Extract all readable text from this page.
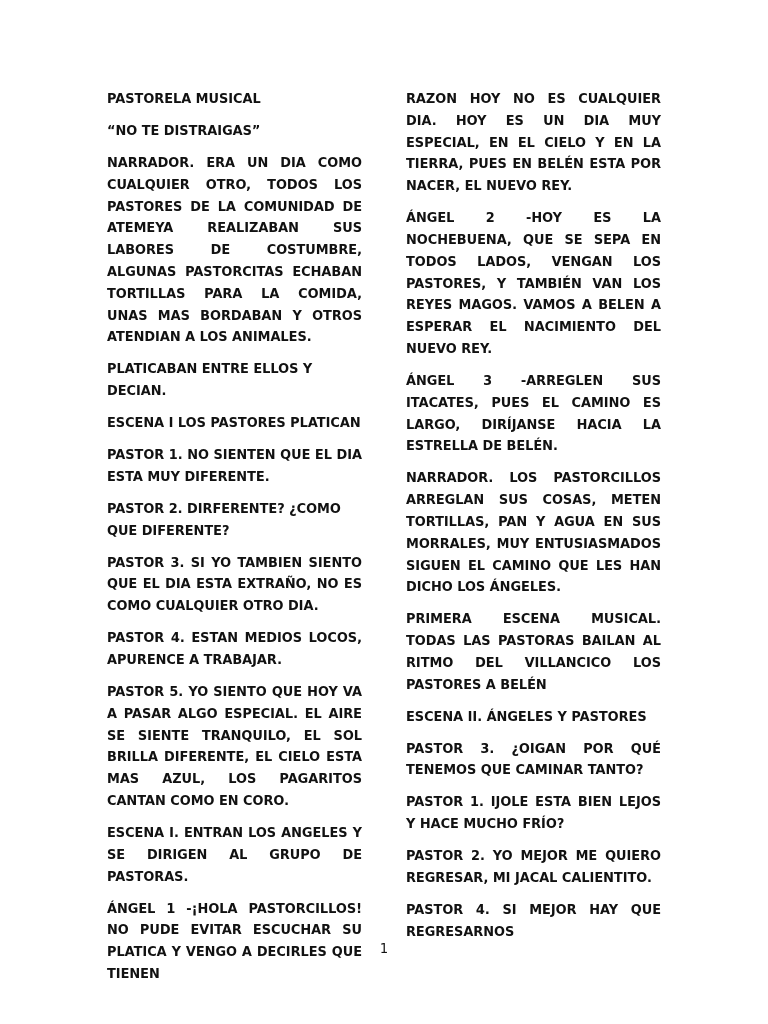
PASTORELA MUSICAL

“NO TE DISTRAIGAS”

NARRADOR. ERA UN DIA COMO CUALQUIER OTRO, TODOS LOS PASTORES DE LA COMUNIDAD DE ATEMEYA REALIZABAN SUS LABORES DE COSTUMBRE, ALGUNAS PASTORCITAS ECHABAN TORTILLAS PARA LA COMIDA, UNAS MAS BORDABAN Y OTROS ATENDIAN A LOS ANIMALES.

PLATICABAN ENTRE ELLOS Y DECIAN.

ESCENA I LOS PASTORES PLATICAN

PASTOR 1. NO SIENTEN QUE EL DIA ESTA MUY DIFERENTE.

PASTOR 2. DIRFERENTE? ¿COMO QUE DIFERENTE?

PASTOR 3. SI YO TAMBIEN SIENTO QUE EL DIA ESTA EXTRAÑO, NO ES COMO CUALQUIER OTRO DIA.

PASTOR 4. ESTAN MEDIOS LOCOS, APURENCE A TRABAJAR.

PASTOR 5. YO SIENTO QUE HOY VA A PASAR ALGO ESPECIAL. EL AIRE SE SIENTE TRANQUILO, EL SOL BRILLA DIFERENTE, EL CIELO ESTA MAS AZUL, LOS PAGARITOS CANTAN COMO EN CORO.

ESCENA I. ENTRAN LOS ANGELES Y SE DIRIGEN AL GRUPO DE PASTORAS.

ÁNGEL 1 -¡HOLA PASTORCILLOS! NO PUDE EVITAR ESCUCHAR SU PLATICA Y VENGO A DECIRLES QUE TIENEN

RAZON HOY NO ES CUALQUIER DIA. HOY ES UN DIA MUY ESPECIAL, EN EL CIELO Y EN LA TIERRA, PUES EN BELÉN ESTA POR NACER, EL NUEVO REY.

ÁNGEL 2 -HOY ES LA NOCHEBUENA, QUE SE SEPA EN TODOS LADOS, VENGAN LOS PASTORES, Y TAMBIÉN VAN LOS REYES MAGOS. VAMOS A BELEN A ESPERAR EL NACIMIENTO DEL NUEVO REY.

ÁNGEL 3 -ARREGLEN SUS ITACATES, PUES EL CAMINO ES LARGO, DIRÍJANSE HACIA LA ESTRELLA DE BELÉN.

NARRADOR. LOS PASTORCILLOS ARREGLAN SUS COSAS, METEN TORTILLAS, PAN Y AGUA EN SUS MORRALES, MUY ENTUSIASMADOS SIGUEN EL CAMINO QUE LES HAN DICHO LOS ÁNGELES.

PRIMERA ESCENA MUSICAL. TODAS LAS PASTORAS BAILAN AL RITMO DEL VILLANCICO LOS PASTORES A BELÉN

ESCENA II. ÁNGELES Y PASTORES

PASTOR 3. ¿OIGAN POR QUÉ TENEMOS QUE CAMINAR TANTO?

PASTOR 1. IJOLE ESTA BIEN LEJOS Y HACE MUCHO FRÍO?

PASTOR 2. YO MEJOR ME QUIERO REGRESAR, MI JACAL CALIENTITO.

PASTOR 4. SI MEJOR HAY QUE REGRESARNOS

1
